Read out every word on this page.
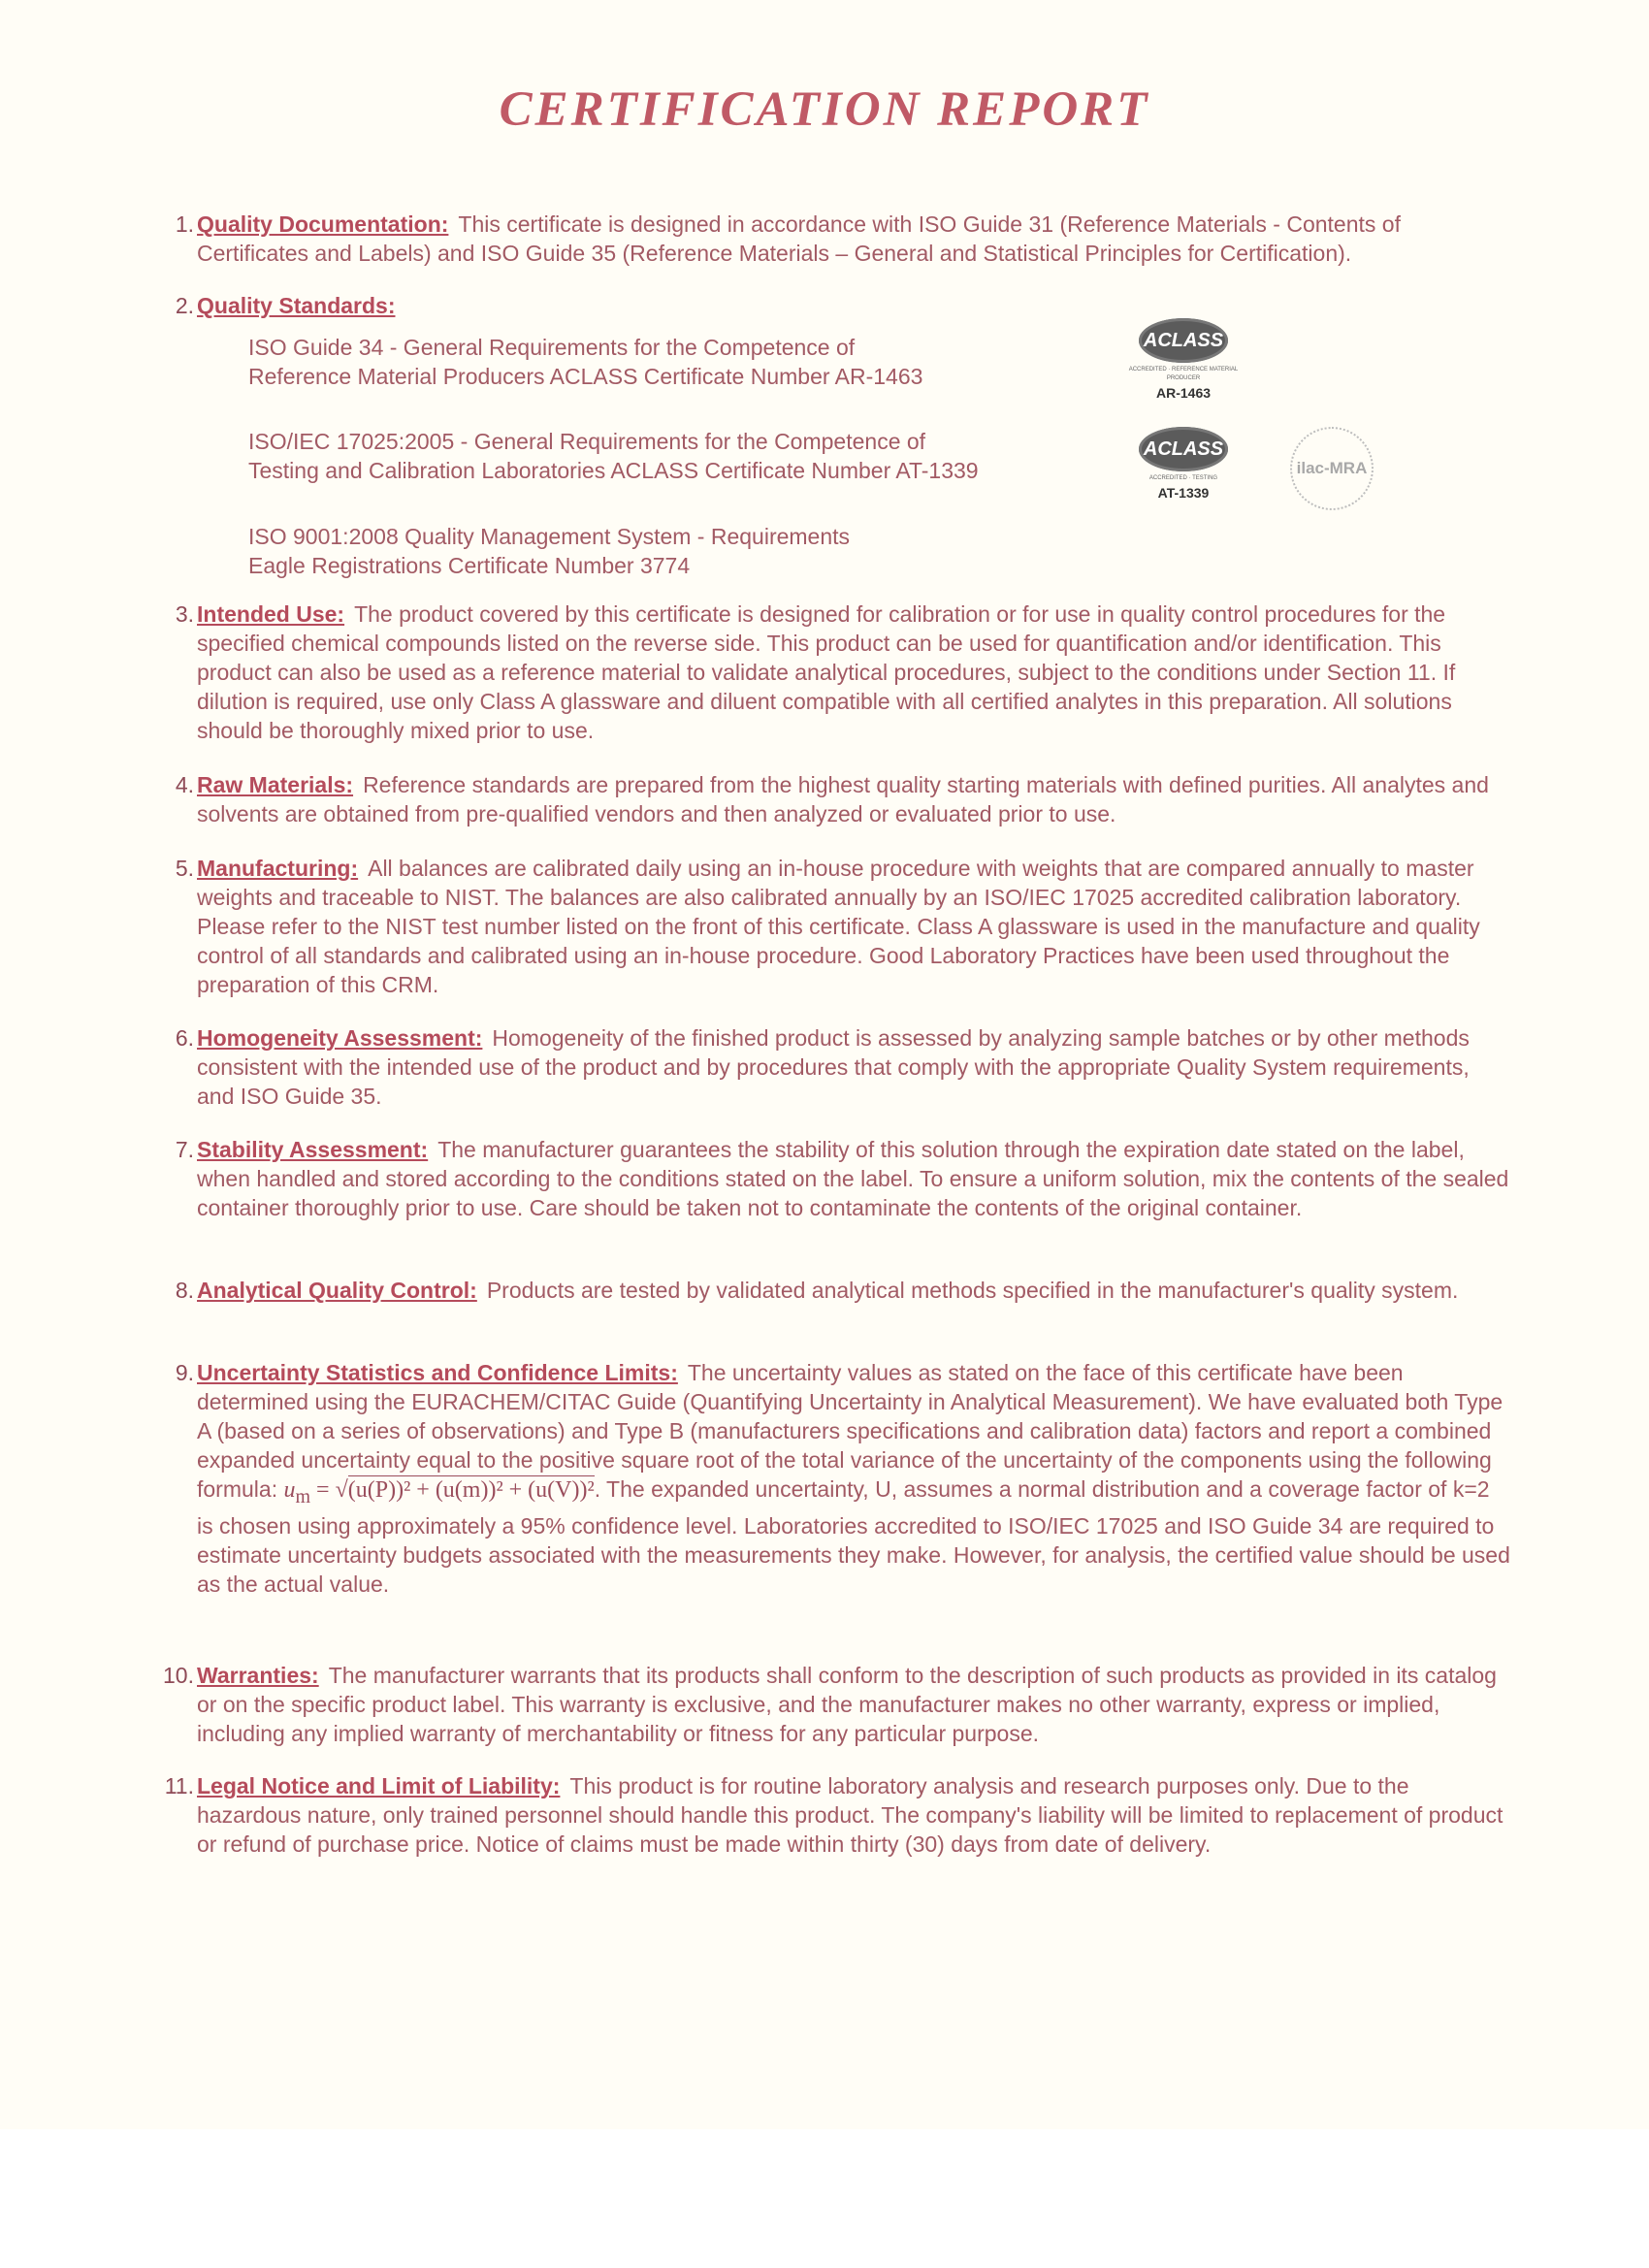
CERTIFICATION REPORT
1. Quality Documentation: This certificate is designed in accordance with ISO Guide 31 (Reference Materials - Contents of Certificates and Labels) and ISO Guide 35 (Reference Materials – General and Statistical Principles for Certification).
2. Quality Standards:
ISO Guide 34 - General Requirements for the Competence of
Reference Material Producers ACLASS Certificate Number AR-1463
ISO/IEC 17025:2005 - General Requirements for the Competence of
Testing and Calibration Laboratories ACLASS Certificate Number AT-1339
ISO 9001:2008 Quality Management System - Requirements
Eagle Registrations Certificate Number 3774
ACLASS
ACCREDITED · REFERENCE MATERIAL PRODUCER
AR-1463
ACLASS
ACCREDITED · TESTING
AT-1339
ilac-MRA
3. Intended Use: The product covered by this certificate is designed for calibration or for use in quality control procedures for the specified chemical compounds listed on the reverse side. This product can be used for quantification and/or identification. This product can also be used as a reference material to validate analytical procedures, subject to the conditions under Section 11. If dilution is required, use only Class A glassware and diluent compatible with all certified analytes in this preparation. All solutions should be thoroughly mixed prior to use.
4. Raw Materials: Reference standards are prepared from the highest quality starting materials with defined purities. All analytes and solvents are obtained from pre-qualified vendors and then analyzed or evaluated prior to use.
5. Manufacturing: All balances are calibrated daily using an in-house procedure with weights that are compared annually to master weights and traceable to NIST. The balances are also calibrated annually by an ISO/IEC 17025 accredited calibration laboratory. Please refer to the NIST test number listed on the front of this certificate. Class A glassware is used in the manufacture and quality control of all standards and calibrated using an in-house procedure. Good Laboratory Practices have been used throughout the preparation of this CRM.
6. Homogeneity Assessment: Homogeneity of the finished product is assessed by analyzing sample batches or by other methods consistent with the intended use of the product and by procedures that comply with the appropriate Quality System requirements, and ISO Guide 35.
7. Stability Assessment: The manufacturer guarantees the stability of this solution through the expiration date stated on the label, when handled and stored according to the conditions stated on the label. To ensure a uniform solution, mix the contents of the sealed container thoroughly prior to use. Care should be taken not to contaminate the contents of the original container.
8. Analytical Quality Control: Products are tested by validated analytical methods specified in the manufacturer's quality system.
9. Uncertainty Statistics and Confidence Limits: The uncertainty values as stated on the face of this certificate have been determined using the EURACHEM/CITAC Guide (Quantifying Uncertainty in Analytical Measurement). We have evaluated both Type A (based on a series of observations) and Type B (manufacturers specifications and calibration data) factors and report a combined expanded uncertainty equal to the positive square root of the total variance of the uncertainty of the components using the following formula: $u_m = √(u(P))^2 + (u(m))^2 + (u(V))^2$. The expanded uncertainty, U, assumes a normal distribution and a coverage factor of k=2 is chosen using approximately a 95% confidence level. Laboratories accredited to ISO/IEC 17025 and ISO Guide 34 are required to estimate uncertainty budgets associated with the measurements they make. However, for analysis, the certified value should be used as the actual value.
10. Warranties: The manufacturer warrants that its products shall conform to the description of such products as provided in its catalog or on the specific product label. This warranty is exclusive, and the manufacturer makes no other warranty, express or implied, including any implied warranty of merchantability or fitness for any particular purpose.
11. Legal Notice and Limit of Liability: This product is for routine laboratory analysis and research purposes only. Due to the hazardous nature, only trained personnel should handle this product. The company's liability will be limited to replacement of product or refund of purchase price. Notice of claims must be made within thirty (30) days from date of delivery.
